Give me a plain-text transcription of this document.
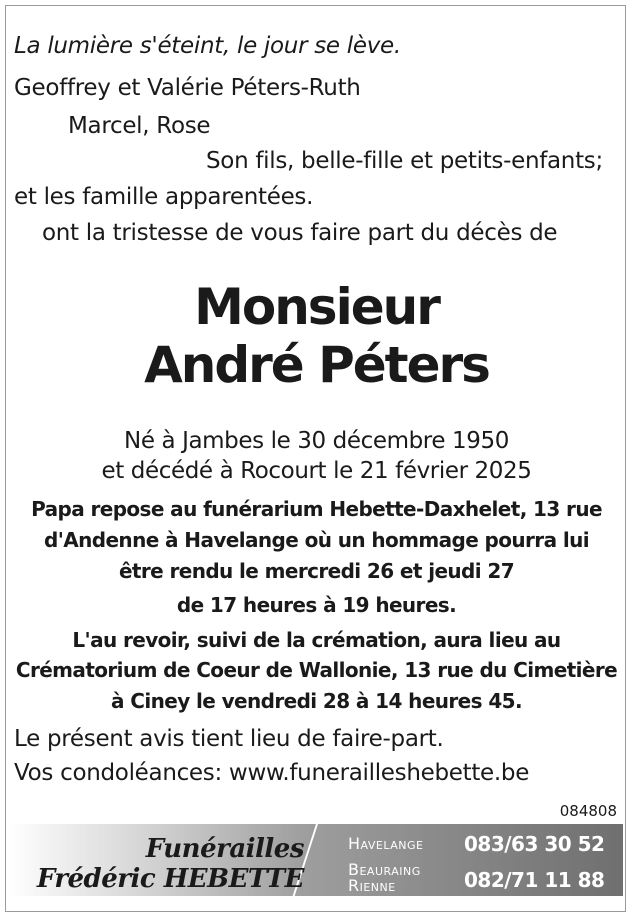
La lumière s'éteint, le jour se lève.
Geoffrey et Valérie Péters-Ruth
Marcel, Rose
Son fils, belle-fille et petits-enfants;
et les famille apparentées.
ont la tristesse de vous faire part du décès de
Monsieur
André Péters
Né à Jambes le 30 décembre 1950
et décédé à Rocourt le 21 février 2025
Papa repose au funérarium Hebette-Daxhelet, 13 rue
d'Andenne à Havelange où un hommage pourra lui
être rendu le mercredi 26 et jeudi 27
de 17 heures à 19 heures.
L'au revoir, suivi de la crémation, aura lieu au
Crématorium de Coeur de Wallonie, 13 rue du Cimetière
à Ciney le vendredi 28 à 14 heures 45.
Le présent avis tient lieu de faire-part.
Vos condoléances: www.funerailleshebette.be
084808
Funérailles
Frédéric HEBETTE
Havelange 083/63 30 52
Beauraing
Rienne	082/71 11 88
